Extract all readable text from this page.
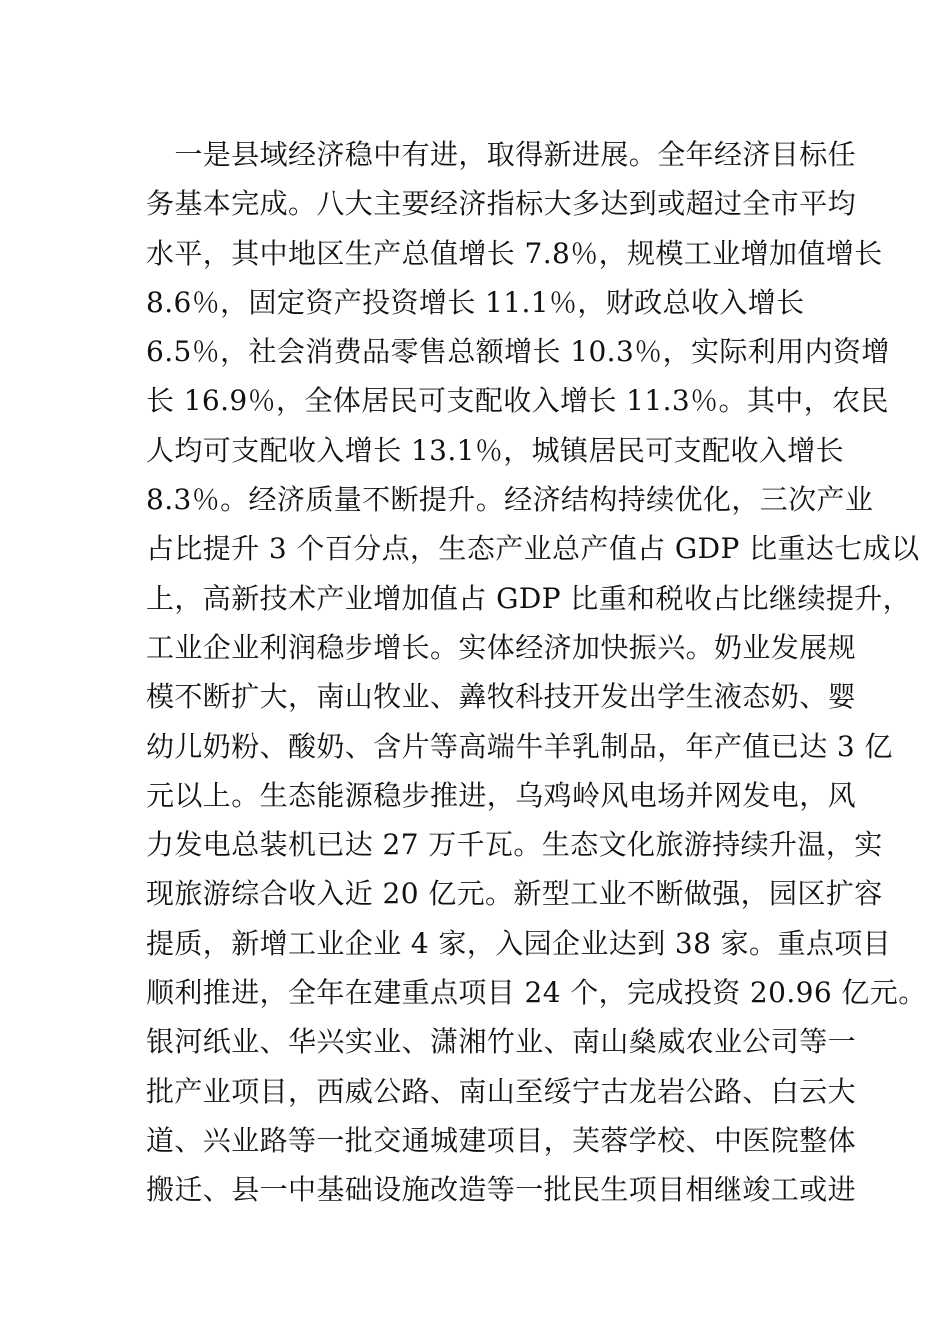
　一是县域经济稳中有进，取得新进展。全年经济目标任
务基本完成。八大主要经济指标大多达到或超过全市平均
水平，其中地区生产总值增长 7.8％，规模工业增加值增长
8.6％，固定资产投资增长 11.1％，财政总收入增长
6.5％，社会消费品零售总额增长 10.3％，实际利用内资增
长 16.9％，全体居民可支配收入增长 11.3％。其中，农民
人均可支配收入增长 13.1％，城镇居民可支配收入增长
8.3％。经济质量不断提升。经济结构持续优化，三次产业
占比提升 3 个百分点，生态产业总产值占 GDP 比重达七成以
上，高新技术产业增加值占 GDP 比重和税收占比继续提升，
工业企业利润稳步增长。实体经济加快振兴。奶业发展规
模不断扩大，南山牧业、羴牧科技开发出学生液态奶、婴
幼儿奶粉、酸奶、含片等高端牛羊乳制品，年产值已达 3 亿
元以上。生态能源稳步推进，乌鸡岭风电场并网发电，风
力发电总装机已达 27 万千瓦。生态文化旅游持续升温，实
现旅游综合收入近 20 亿元。新型工业不断做强，园区扩容
提质，新增工业企业 4 家，入园企业达到 38 家。重点项目
顺利推进，全年在建重点项目 24 个，完成投资 20.96 亿元。
银河纸业、华兴实业、潇湘竹业、南山燊威农业公司等一
批产业项目，西威公路、南山至绥宁古龙岩公路、白云大
道、兴业路等一批交通城建项目，芙蓉学校、中医院整体
搬迁、县一中基础设施改造等一批民生项目相继竣工或进
